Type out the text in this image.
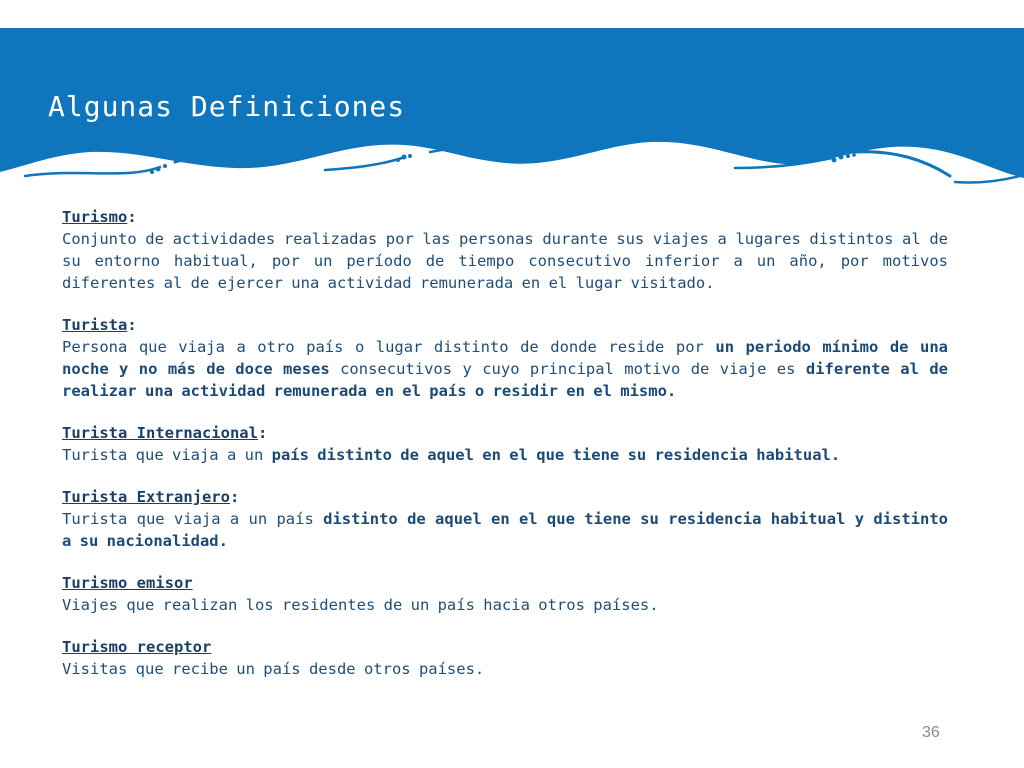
Algunas Definiciones
Turismo:
Conjunto de actividades realizadas por las personas durante sus viajes a lugares distintos al de su entorno habitual, por un período de tiempo consecutivo inferior a un año, por motivos diferentes al de ejercer una actividad remunerada en el lugar visitado.
Turista:
Persona que viaja a otro país o lugar distinto de donde reside por un periodo mínimo de una noche y no más de doce meses consecutivos y cuyo principal motivo de viaje es diferente al de realizar una actividad remunerada en el país o residir en el mismo.
Turista Internacional:
Turista que viaja a un país distinto de aquel en el que tiene su residencia habitual.
Turista Extranjero:
Turista que viaja a un país distinto de aquel en el que tiene su residencia habitual y distinto a su nacionalidad.
Turismo emisor
Viajes que realizan los residentes de un país hacia otros países.
Turismo receptor
Visitas que recibe un país desde otros países.
36
